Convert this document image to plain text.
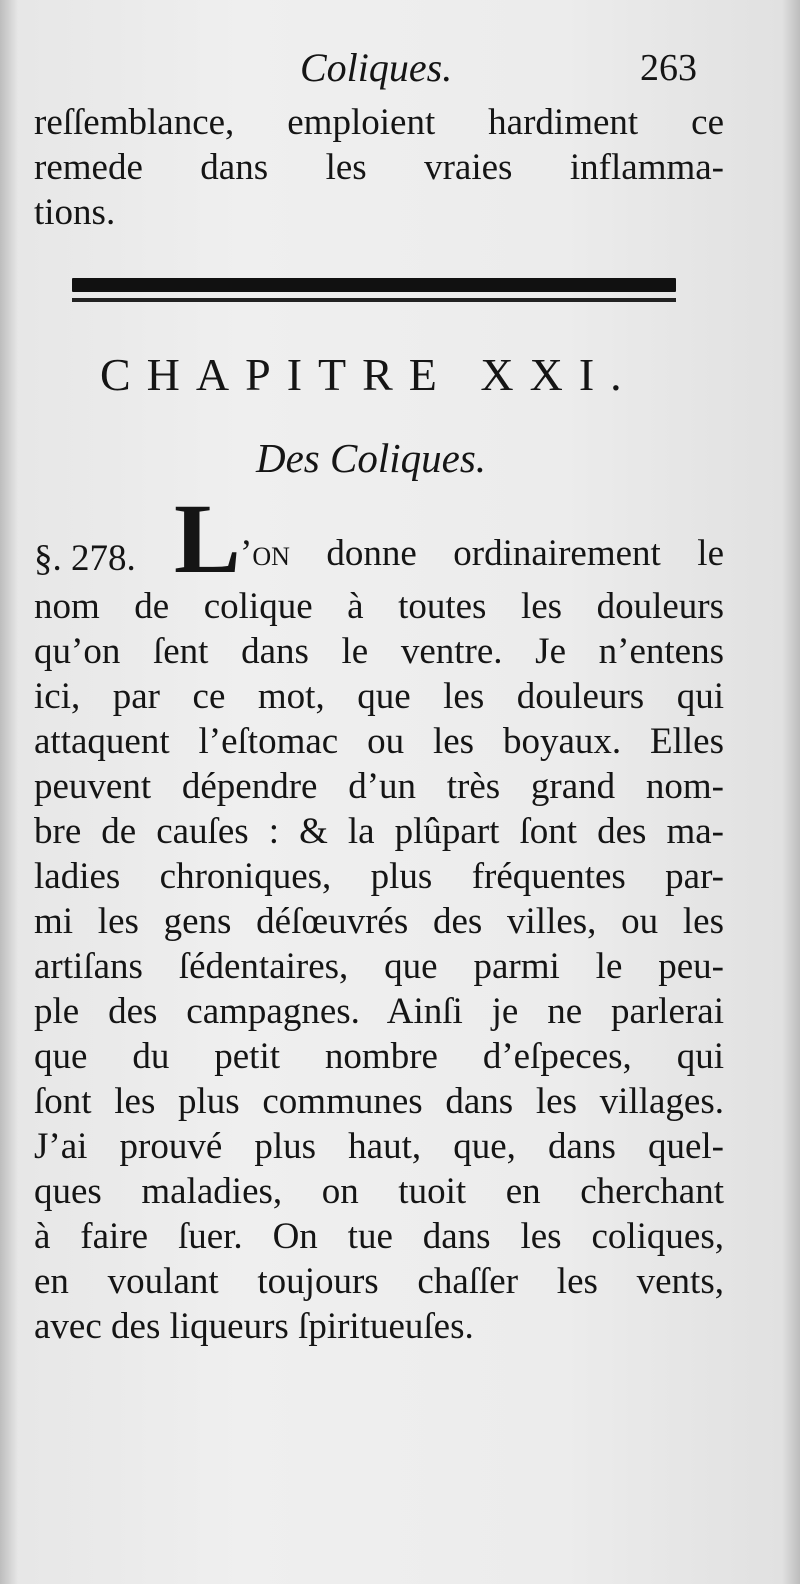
Coliques.	263
reſſemblance, emploient hardiment ce
remede dans les vraies inflamma-
tions.
CHAPITRE XXI.
Des Coliques.
§. 278. L ’on donne ordinairement le
nom de colique à toutes les douleurs
qu’on ſent dans le ventre. Je n’entens
ici, par ce mot, que les douleurs qui
attaquent l’eſtomac ou les boyaux. Elles
peuvent dépendre d’un très grand nom-
bre de cauſes : & la plûpart ſont des ma-
ladies chroniques, plus fréquentes par-
mi les gens déſœuvrés des villes, ou les
artiſans ſédentaires, que parmi le peu-
ple des campagnes. Ainſi je ne parlerai
que du petit nombre d’eſpeces, qui
ſont les plus communes dans les villages.
J’ai prouvé plus haut, que, dans quel-
ques maladies, on tuoit en cherchant
à faire ſuer. On tue dans les coliques,
en voulant toujours chaſſer les vents,
avec des liqueurs ſpiritueuſes.
